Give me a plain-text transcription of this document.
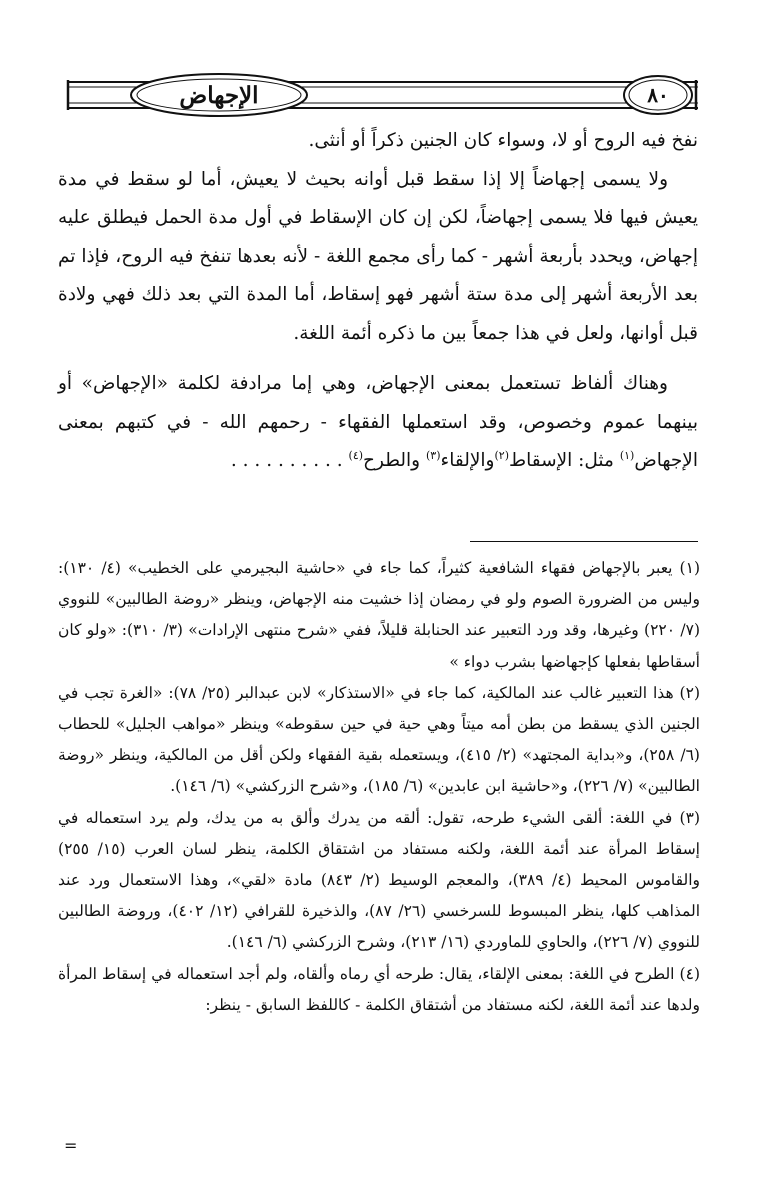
الإجهاض	٨٠

نفخ فيه الروح أو لا، وسواء كان الجنين ذكراً أو أنثى.

ولا يسمى إجهاضاً إلا إذا سقط قبل أوانه بحيث لا يعيش، أما لو سقط في مدة يعيش فيها فلا يسمى إجهاضاً، لكن إن كان الإسقاط في أول مدة الحمل فيطلق عليه إجهاض، ويحدد بأربعة أشهر - كما رأى مجمع اللغة - لأنه بعدها تنفخ فيه الروح، فإذا تم بعد الأربعة أشهر إلى مدة ستة أشهر فهو إسقاط، أما المدة التي بعد ذلك فهي ولادة قبل أوانها، ولعل في هذا جمعاً بين ما ذكره أئمة اللغة.

وهناك ألفاظ تستعمل بمعنى الإجهاض، وهي إما مرادفة لكلمة «الإجهاض» أو بينهما عموم وخصوص، وقد استعملها الفقهاء - رحمهم الله - في كتبهم بمعنى الإجهاض$^{(١)}$ مثل: الإسقاط$^{(٢)}$والإلقاء$^{(٣)}$ والطرح$^{(٤)}$ . . . . . . . . . .

(١) يعبر بالإجهاض فقهاء الشافعية كثيراً، كما جاء في «حاشية البجيرمي على الخطيب» (٤/ ١٣٠): وليس من الضرورة الصوم ولو في رمضان إذا خشيت منه الإجهاض، وينظر «روضة الطالبين» للنووي (٧/ ٢٢٠) وغيرها، وقد ورد التعبير عند الحنابلة قليلاً، ففي «شرح منتهى الإرادات» (٣/ ٣١٠): «ولو كان أسقاطها بفعلها كإجهاضها بشرب دواء »

(٢) هذا التعبير غالب عند المالكية، كما جاء في «الاستذكار» لابن عبدالبر (٢٥/ ٧٨): «الغرة تجب في الجنين الذي يسقط من بطن أمه ميتاً وهي حية في حين سقوطه» وينظر «مواهب الجليل» للحطاب (٦/ ٢٥٨)، و«بداية المجتهد» (٢/ ٤١٥)، ويستعمله بقية الفقهاء ولكن أقل من المالكية، وينظر «روضة الطالبين» (٧/ ٢٢٦)، و«حاشية ابن عابدين» (٦/ ١٨٥)، و«شرح الزركشي» (٦/ ١٤٦).

(٣) في اللغة: ألقى الشيء طرحه، تقول: ألقه من يدرك وألق به من يدك، ولم يرد استعماله في إسقاط المرأة عند أئمة اللغة، ولكنه مستفاد من اشتقاق الكلمة، ينظر لسان العرب (١٥/ ٢٥٥) والقاموس المحيط (٤/ ٣٨٩)، والمعجم الوسيط (٢/ ٨٤٣) مادة «لقي»، وهذا الاستعمال ورد عند المذاهب كلها، ينظر المبسوط للسرخسي (٢٦/ ٨٧)، والذخيرة للقرافي (١٢/ ٤٠٢)، وروضة الطالبين للنووي (٧/ ٢٢٦)، والحاوي للماوردي (١٦/ ٢١٣)، وشرح الزركشي (٦/ ١٤٦).

(٤) الطرح في اللغة: بمعنى الإلقاء، يقال: طرحه أي رماه وألقاه، ولم أجد استعماله في إسقاط المرأة ولدها عند أئمة اللغة، لكنه مستفاد من أشتقاق الكلمة - كاللفظ السابق - ينظر:

=
